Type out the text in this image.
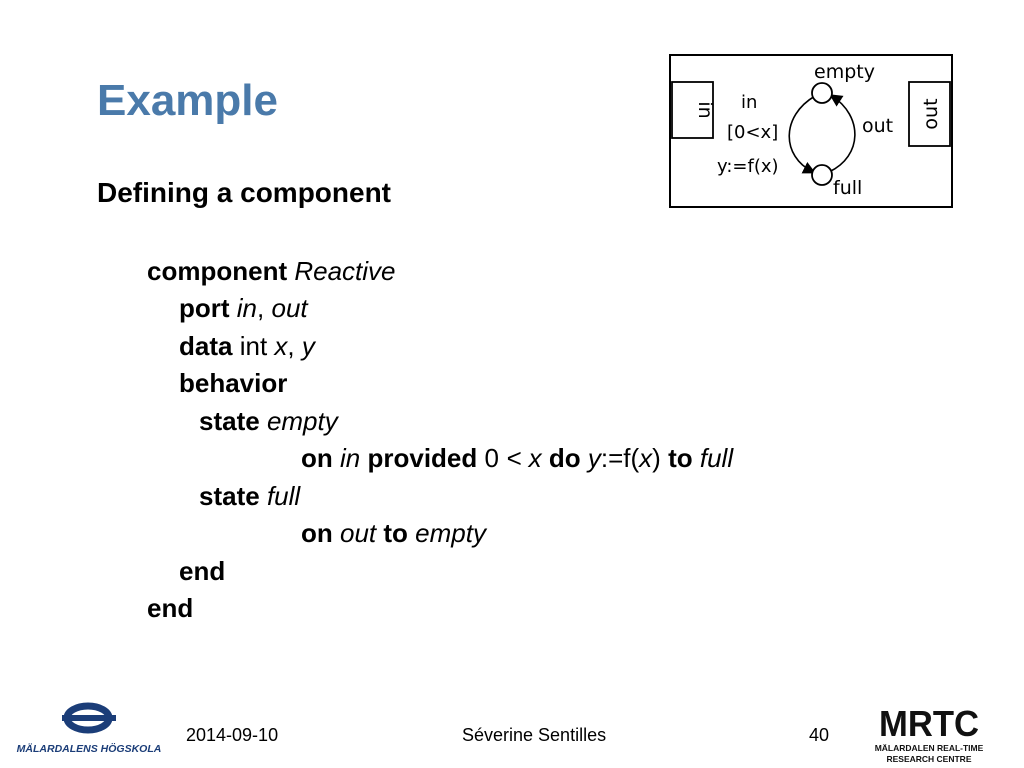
Example
Defining a component
component Reactive
port in, out
data int x, y
behavior
state empty
on in provided 0 < x do y:=f(x) to full
state full
on out to empty
end
end
in	out
empty
full
in
[0<x]
y:=f(x)
out
MÄLARDALENS HÖGSKOLA
2014-09-10	Séverine Sentilles	40 MRTC
MÄLARDALEN REAL-TIME
RESEARCH CENTRE
